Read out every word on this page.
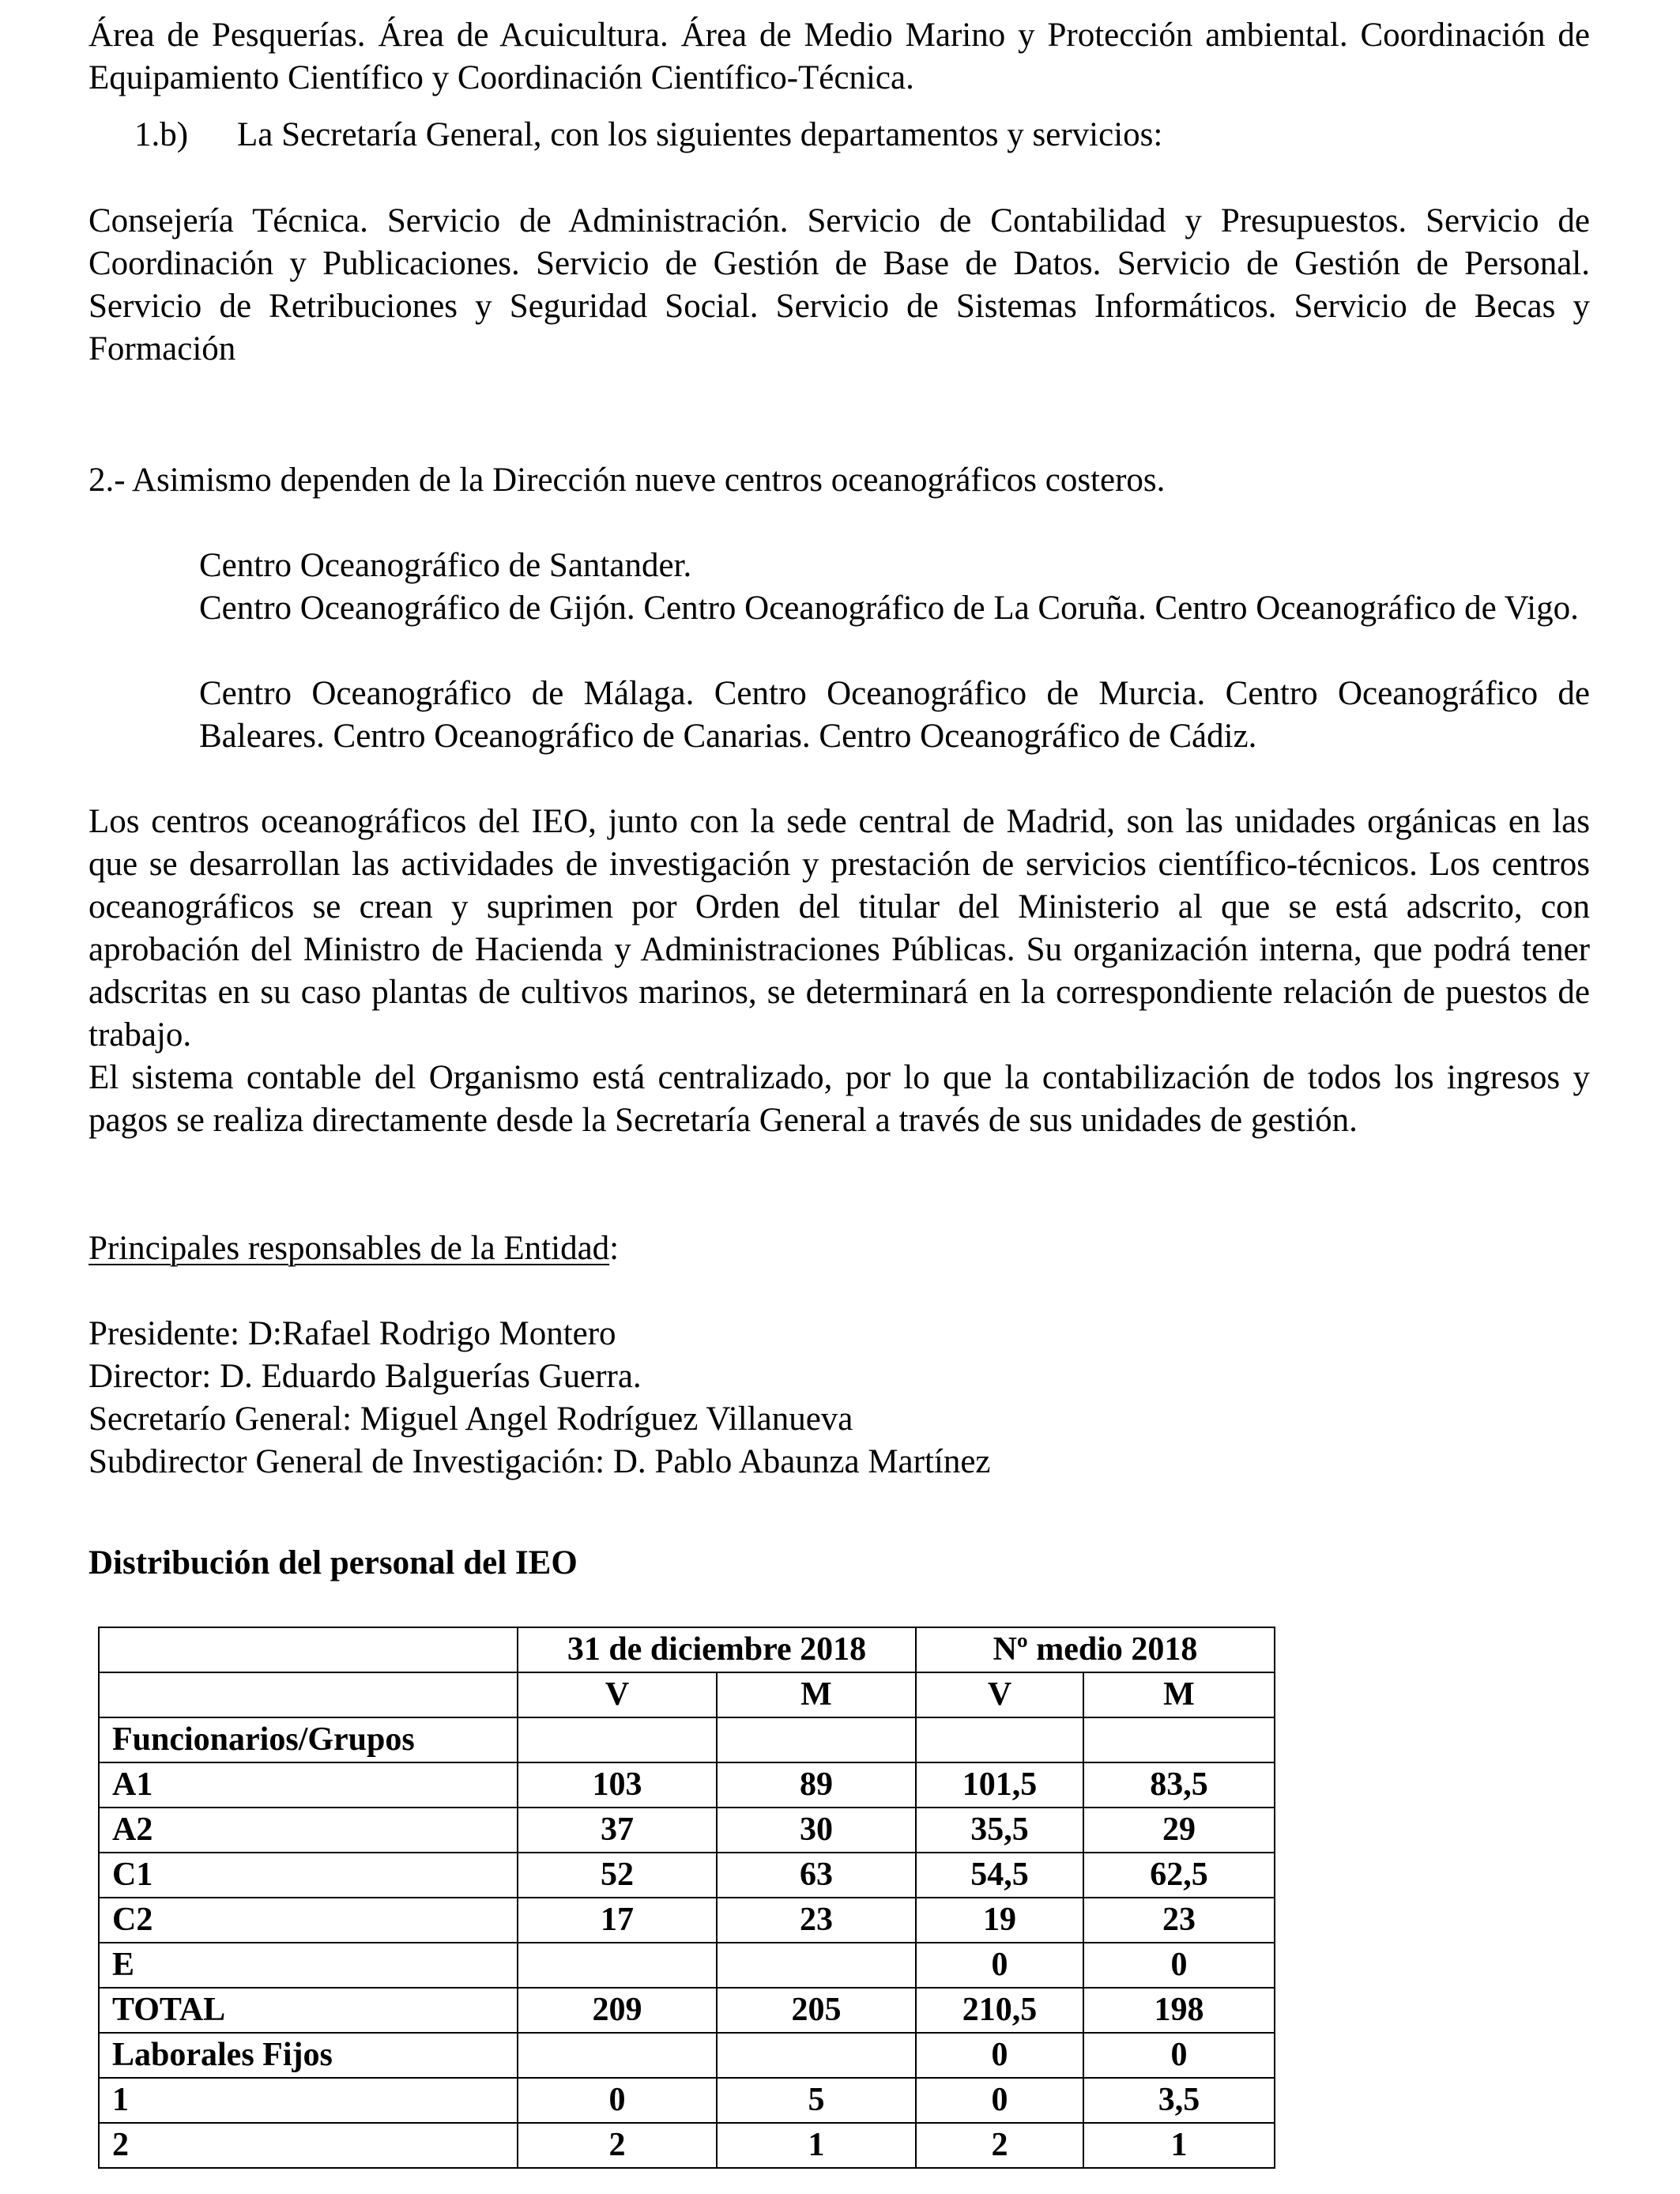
Área de Pesquerías. Área de Acuicultura. Área de Medio Marino y Protección ambiental. Coordinación de Equipamiento Científico y Coordinación Científico-Técnica.

1.b) La Secretaría General, con los siguientes departamentos y servicios:

Consejería Técnica. Servicio de Administración. Servicio de Contabilidad y Presupuestos. Servicio de Coordinación y Publicaciones. Servicio de Gestión de Base de Datos. Servicio de Gestión de Personal. Servicio de Retribuciones y Seguridad Social. Servicio de Sistemas Informáticos. Servicio de Becas y Formación

2.- Asimismo dependen de la Dirección nueve centros oceanográficos costeros.

Centro Oceanográfico de Santander.

Centro Oceanográfico de Gijón. Centro Oceanográfico de La Coruña. Centro Oceanográfico de Vigo.

Centro Oceanográfico de Málaga. Centro Oceanográfico de Murcia. Centro Oceanográfico de Baleares. Centro Oceanográfico de Canarias. Centro Oceanográfico de Cádiz.

Los centros oceanográficos del IEO, junto con la sede central de Madrid, son las unidades orgánicas en las que se desarrollan las actividades de investigación y prestación de servicios científico-técnicos. Los centros oceanográficos se crean y suprimen por Orden del titular del Ministerio al que se está adscrito, con aprobación del Ministro de Hacienda y Administraciones Públicas. Su organización interna, que podrá tener adscritas en su caso plantas de cultivos marinos, se determinará en la correspondiente relación de puestos de trabajo.

El sistema contable del Organismo está centralizado, por lo que la contabilización de todos los ingresos y pagos se realiza directamente desde la Secretaría General a través de sus unidades de gestión.

Principales responsables de la Entidad:

Presidente: D:Rafael Rodrigo Montero

Director: D. Eduardo Balguerías Guerra.

Secretarío General: Miguel Angel Rodríguez Villanueva

Subdirector General de Investigación: D. Pablo Abaunza Martínez

Distribución del personal del IEO

	31 de diciembre 2018		Nº medio 2018	
	V	M	V	M
Funcionarios/Grupos				
A1	103	89	101,5	83,5
A2	37	30	35,5	29
C1	52	63	54,5	62,5
C2	17	23	19	23
E			0	0
TOTAL	209	205	210,5	198
Laborales Fijos			0	0
1	0	5	0	3,5
2	2	1	2	1
